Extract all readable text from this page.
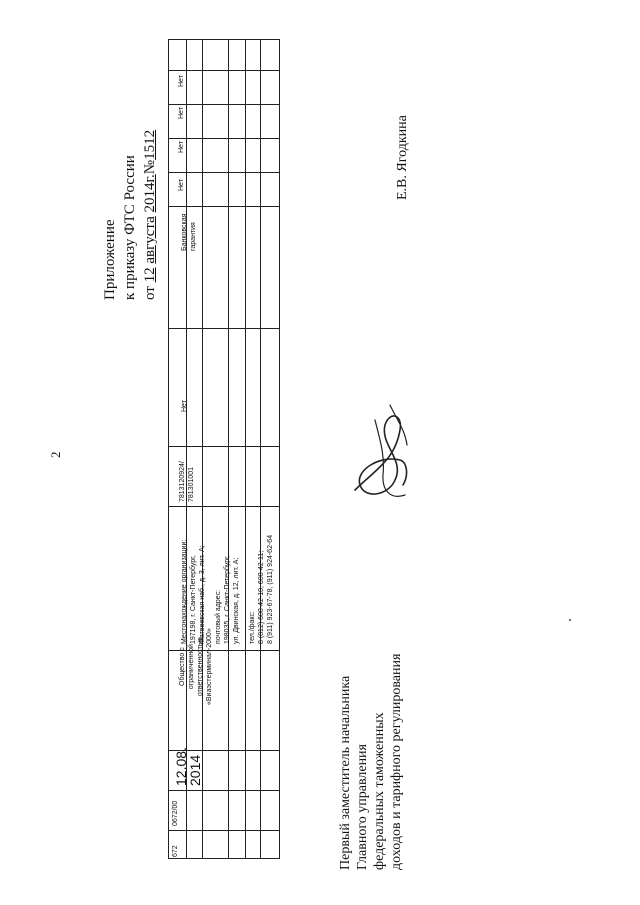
2
Приложение к приказу ФТС России от 12 августа 2014г.№1512
672
0672/00
12.08.
2014
Общество с ограниченной ответственностью «Виаэстерминал-2000»
Местонахождение организации: 197198, г. Санкт-Петербург, Матвеевская наб., д. 3, лит. А; почтовый адрес: 198035, г. Санкт-Петербург, ул. Двинская, д. 12, лит. А; тел./факс: 8 (812) 600-42-10, 600-42-11; 8 (911) 923-67-78, (911) 924-62-64
7813120924/ 781301001
Нет
Банковская гарантия
Нет
Нет
Нет
Нет
Первый заместитель начальника Главного управления федеральных таможенных доходов и тарифного регулирования
Е.В. Ягодкина
